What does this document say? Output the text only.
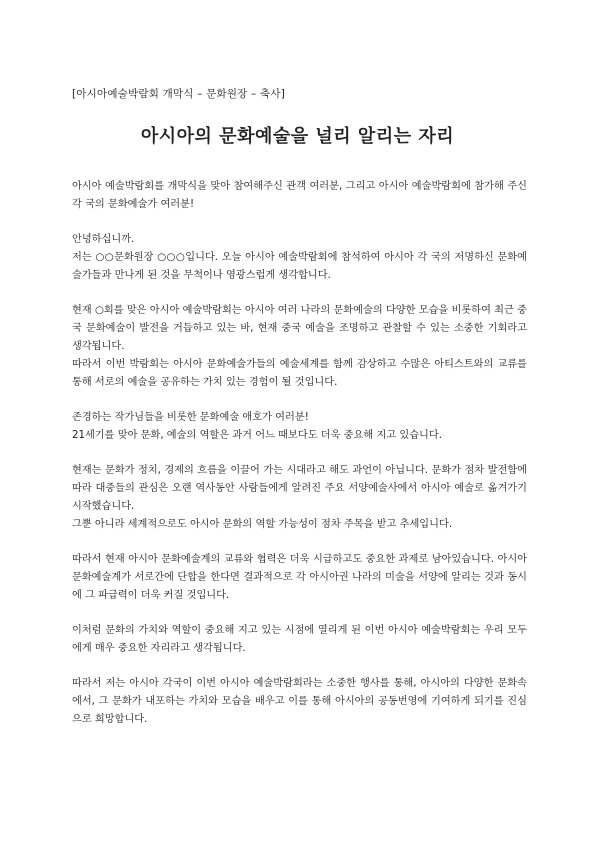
[아시아예술박람회 개막식 – 문화원장 – 축사]
아시아의 문화예술을 널리 알리는 자리

아시아 예술박람회를 개막식을 맞아 참여해주신 관객 여러분, 그리고 아시아 예술박람회에 참가해 주신 각 국의 문화예술가 여러분!

안녕하십니까.

저는 ○○문화원장 ○○○입니다. 오늘 아시아 예술박람회에 참석하여 아시아 각 국의 저명하신 문화예술가들과 만나게 된 것을 무척이나 영광스럽게 생각합니다.

현재 ○회를 맞은 아시아 예술박람회는 아시아 여러 나라의 문화예술의 다양한 모습을 비롯하여 최근 중국 문화예술이 발전을 거듭하고 있는 바, 현재 중국 예술을 조명하고 관찰할 수 있는 소중한 기회라고 생각됩니다.

따라서 이번 박람회는 아시아 문화예술가들의 예술세계를 함께 감상하고 수많은 아티스트와의 교류를 통해 서로의 예술을 공유하는 가치 있는 경험이 될 것입니다.

존경하는 작가님들을 비롯한 문화예술 애호가 여러분!

21세기를 맞아 문화, 예술의 역할은 과거 어느 때보다도 더욱 중요해 지고 있습니다.

현재는 문화가 정치, 경제의 흐름을 이끌어 가는 시대라고 해도 과언이 아닙니다. 문화가 점차 발전함에 따라 대중들의 관심은 오랜 역사동안 사람들에게 알려진 주요 서양예술사에서 아시아 예술로 옮겨가기 시작했습니다.

그뿐 아니라 세계적으로도 아시아 문화의 역할 가능성이 점차 주목을 받고 추세입니다.

따라서 현재 아시아 문화예술계의 교류와 협력은 더욱 시급하고도 중요한 과제로 남아있습니다. 아시아 문화예술계가 서로간에 단합을 한다면 결과적으로 각 아시아권 나라의 미술을 서양에 알리는 것과 동시에 그 파급력이 더욱 커질 것입니다.

이처럼 문화의 가치와 역할이 중요해 지고 있는 시점에 열리게 된 이번 아시아 예술박람회는 우리 모두에게 매우 중요한 자리라고 생각됩니다.

따라서 저는 아시아 각국이 이번 아시아 예술박람회라는 소중한 행사를 통해, 아시아의 다양한 문화속에서, 그 문화가 내포하는 가치와 모습을 배우고 이를 통해 아시아의 공동번영에 기여하게 되기를 진심으로 희망합니다.
